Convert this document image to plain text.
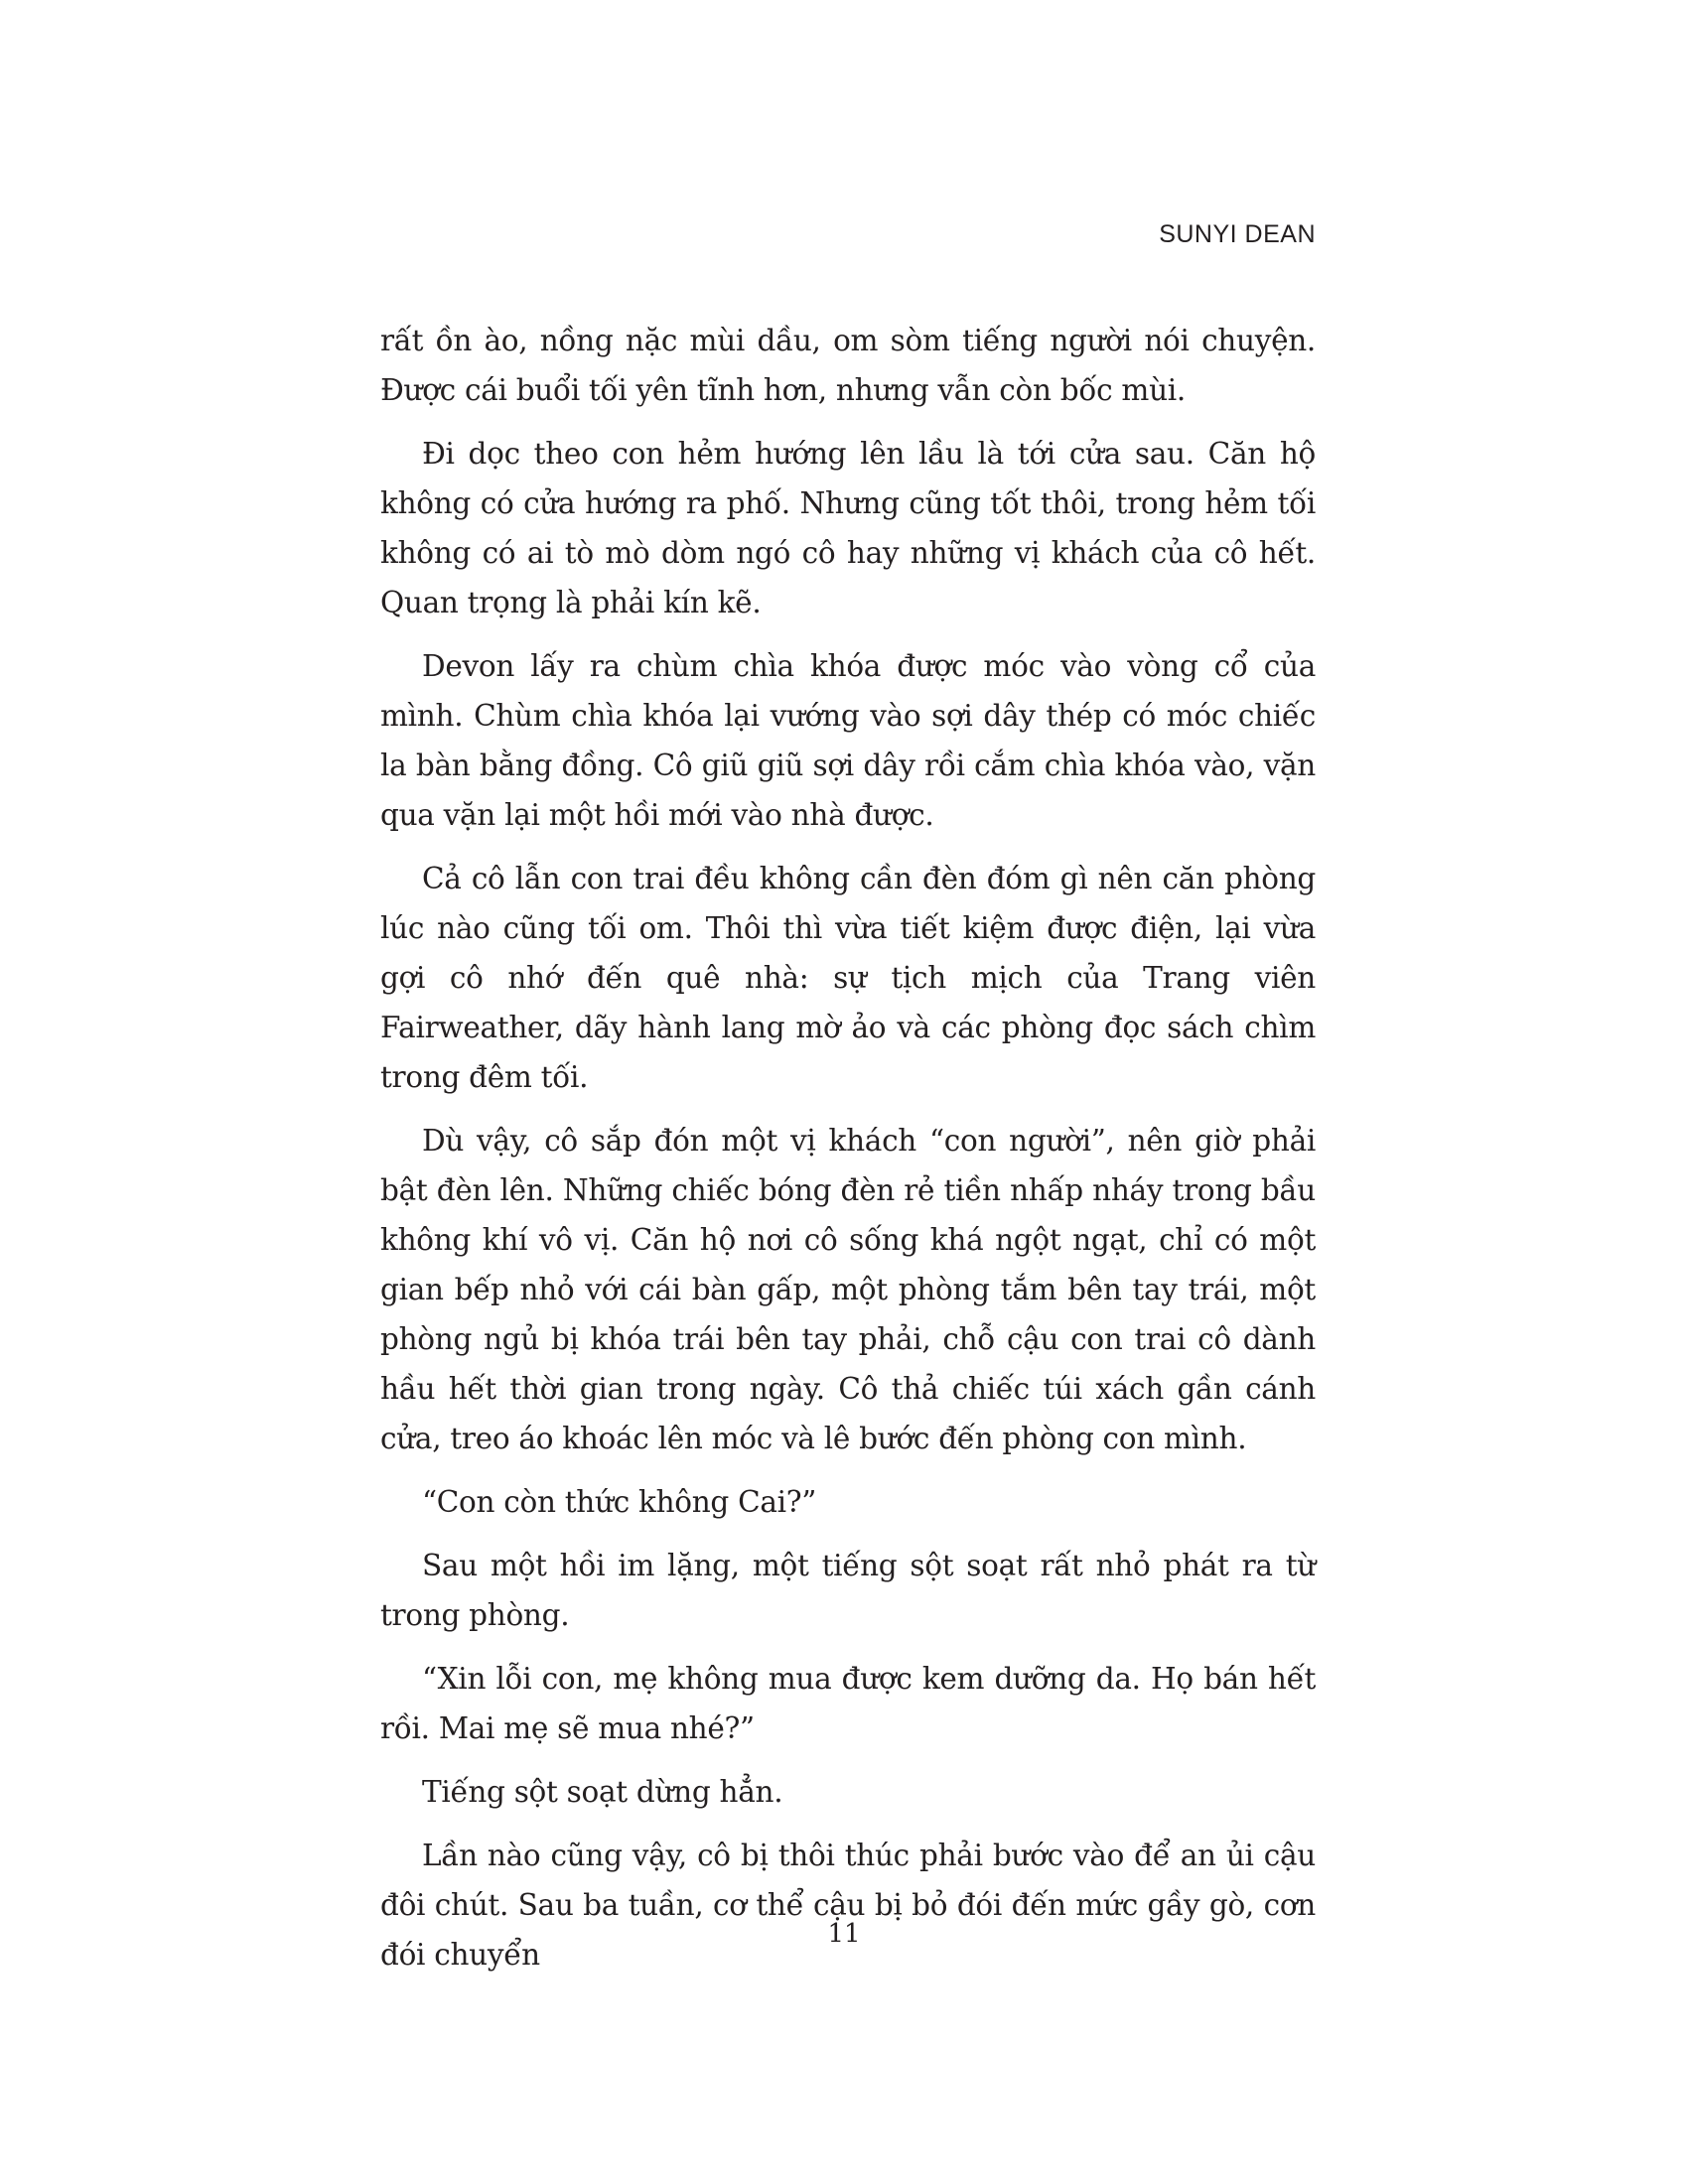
SUNYI DEAN

rất ồn ào, nồng nặc mùi dầu, om sòm tiếng người nói chuyện. Được cái buổi tối yên tĩnh hơn, nhưng vẫn còn bốc mùi.

Đi dọc theo con hẻm hướng lên lầu là tới cửa sau. Căn hộ không có cửa hướng ra phố. Nhưng cũng tốt thôi, trong hẻm tối không có ai tò mò dòm ngó cô hay những vị khách của cô hết. Quan trọng là phải kín kẽ.

Devon lấy ra chùm chìa khóa được móc vào vòng cổ của mình. Chùm chìa khóa lại vướng vào sợi dây thép có móc chiếc la bàn bằng đồng. Cô giũ giũ sợi dây rồi cắm chìa khóa vào, vặn qua vặn lại một hồi mới vào nhà được.

Cả cô lẫn con trai đều không cần đèn đóm gì nên căn phòng lúc nào cũng tối om. Thôi thì vừa tiết kiệm được điện, lại vừa gợi cô nhớ đến quê nhà: sự tịch mịch của Trang viên Fairweather, dãy hành lang mờ ảo và các phòng đọc sách chìm trong đêm tối.

Dù vậy, cô sắp đón một vị khách “con người”, nên giờ phải bật đèn lên. Những chiếc bóng đèn rẻ tiền nhấp nháy trong bầu không khí vô vị. Căn hộ nơi cô sống khá ngột ngạt, chỉ có một gian bếp nhỏ với cái bàn gấp, một phòng tắm bên tay trái, một phòng ngủ bị khóa trái bên tay phải, chỗ cậu con trai cô dành hầu hết thời gian trong ngày. Cô thả chiếc túi xách gần cánh cửa, treo áo khoác lên móc và lê bước đến phòng con mình.

“Con còn thức không Cai?”

Sau một hồi im lặng, một tiếng sột soạt rất nhỏ phát ra từ trong phòng.

“Xin lỗi con, mẹ không mua được kem dưỡng da. Họ bán hết rồi. Mai mẹ sẽ mua nhé?”

Tiếng sột soạt dừng hẳn.

Lần nào cũng vậy, cô bị thôi thúc phải bước vào để an ủi cậu đôi chút. Sau ba tuần, cơ thể cậu bị bỏ đói đến mức gầy gò, cơn đói chuyển

11
